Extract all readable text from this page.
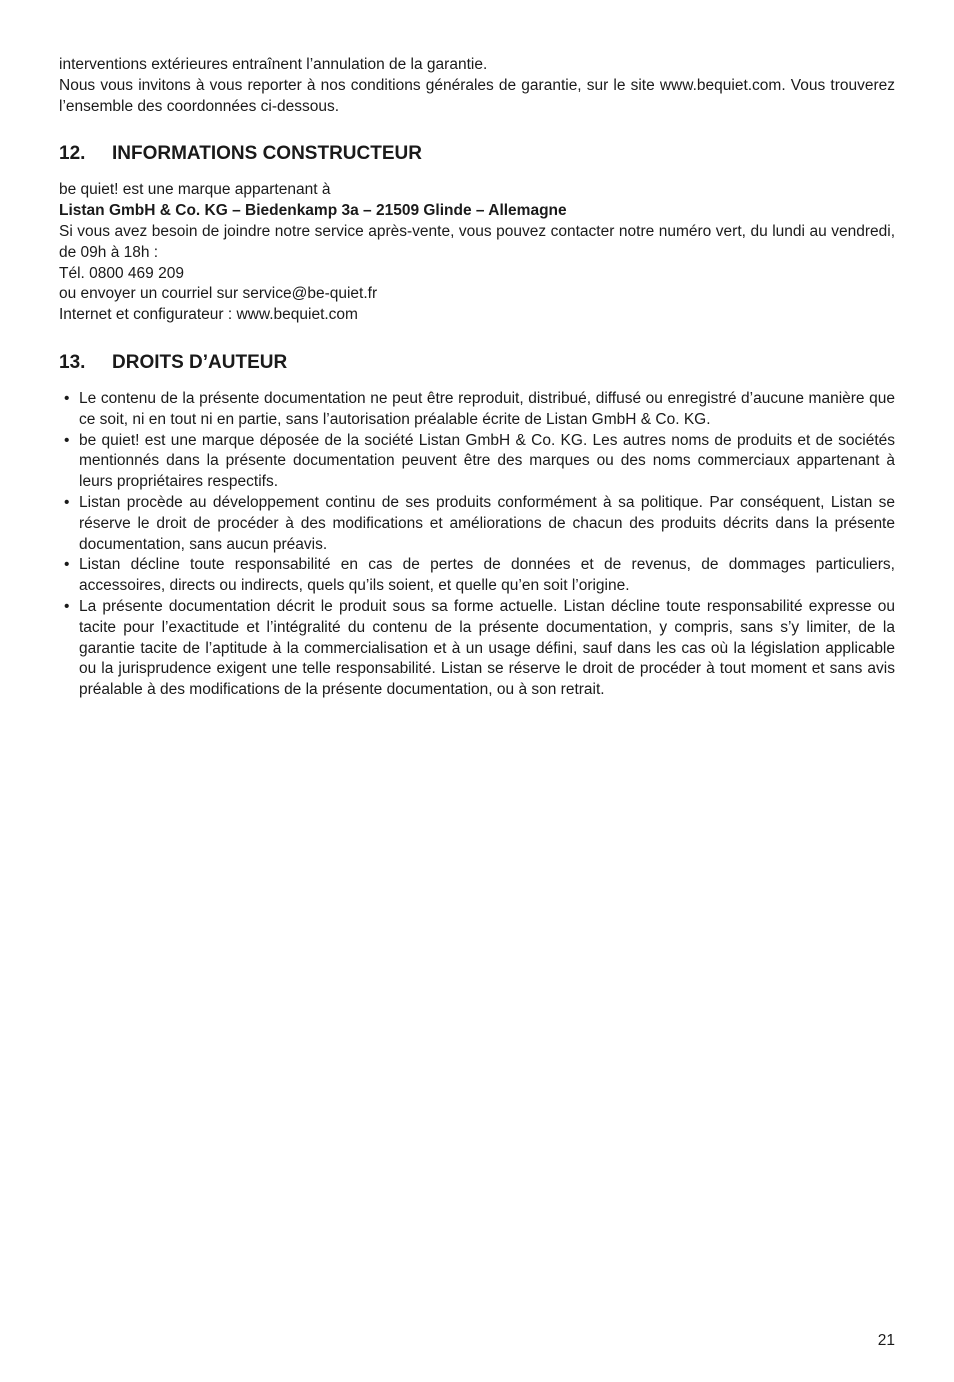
interventions extérieures entraînent l’annulation de la garantie.

Nous vous invitons à vous reporter à nos conditions générales de garantie, sur le site www.bequiet.com. Vous trouverez l’ensemble des coordonnées ci-dessous.

12.	INFORMATIONS CONSTRUCTEUR

be quiet! est une marque appartenant à

Listan GmbH & Co. KG – Biedenkamp 3a – 21509 Glinde – Allemagne

Si vous avez besoin de joindre notre service après-vente, vous pouvez contacter notre numéro vert, du lundi au vendredi, de 09h à 18h :

Tél. 0800 469 209

ou envoyer un courriel sur service@be-quiet.fr

Internet et configurateur : www.bequiet.com

13.	DROITS D’AUTEUR
• Le contenu de la présente documentation ne peut être reproduit, distribué, diffusé ou enregistré d’aucune manière que ce soit, ni en tout ni en partie, sans l’autorisation préalable écrite de Listan GmbH & Co. KG.
• be quiet! est une marque déposée de la société Listan GmbH & Co. KG. Les autres noms de produits et de sociétés mentionnés dans la présente documentation peuvent être des marques ou des noms commerciaux appartenant à leurs propriétaires respectifs.
• Listan procède au développement continu de ses produits conformément à sa politique. Par conséquent, Listan se réserve le droit de procéder à des modifications et améliorations de chacun des produits décrits dans la présente documentation, sans aucun préavis.
• Listan décline toute responsabilité en cas de pertes de données et de revenus, de dommages particuliers, accessoires, directs ou indirects, quels qu’ils soient, et quelle qu’en soit l’origine.
• La présente documentation décrit le produit sous sa forme actuelle. Listan décline toute responsabilité expresse ou tacite pour l’exactitude et l’intégralité du contenu de la présente documentation, y compris, sans s’y limiter, de la garantie tacite de l’aptitude à la commercialisation et à un usage défini, sauf dans les cas où la législation applicable ou la jurisprudence exigent une telle responsabilité. Listan se réserve le droit de procéder à tout moment et sans avis préalable à des modifications de la présente documentation, ou à son retrait.
21
